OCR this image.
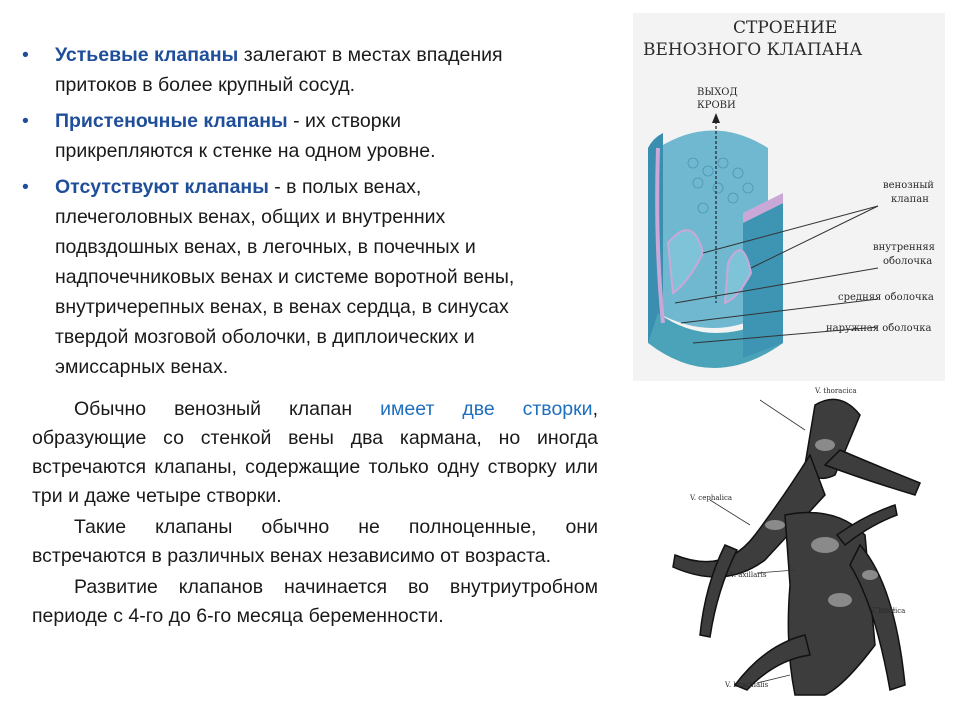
• Устьевые клапаны залегают в местах впадения
притоков в более крупный сосуд.
• Пристеночные клапаны - их створки
прикрепляются к стенке на одном уровне.
• Отсутствуют клапаны - в полых венах,
плечеголовных венах, общих и внутренних
подвздошных венах, в легочных, в почечных и
надпочечниковых венах и системе воротной вены,
внутричерепных венах, в венах сердца, в синусах
твердой мозговой оболочки, в диплоических и
эмиссарных венах.

Обычно венозный клапан имеет две створки, образующие со стенкой вены два кармана, но иногда встречаются клапаны, содержащие только одну створку или три и даже четыре створки.

Такие клапаны обычно не полноценные, они встречаются в различных венах независимо от возраста.

Развитие клапанов начинается во внутриутробном периоде с 4-го до 6-го месяца беременности.

СТРОЕНИЕ
ВЕНОЗНОГО КЛАПАНА
ВЫХОД
КРОВИ
венозный
клапан
внутренняя
оболочка
средняя оболочка
наружная оболочка
V. thoracica
V. cephalica
V. axillaris
V. basilica
V. brachialis
